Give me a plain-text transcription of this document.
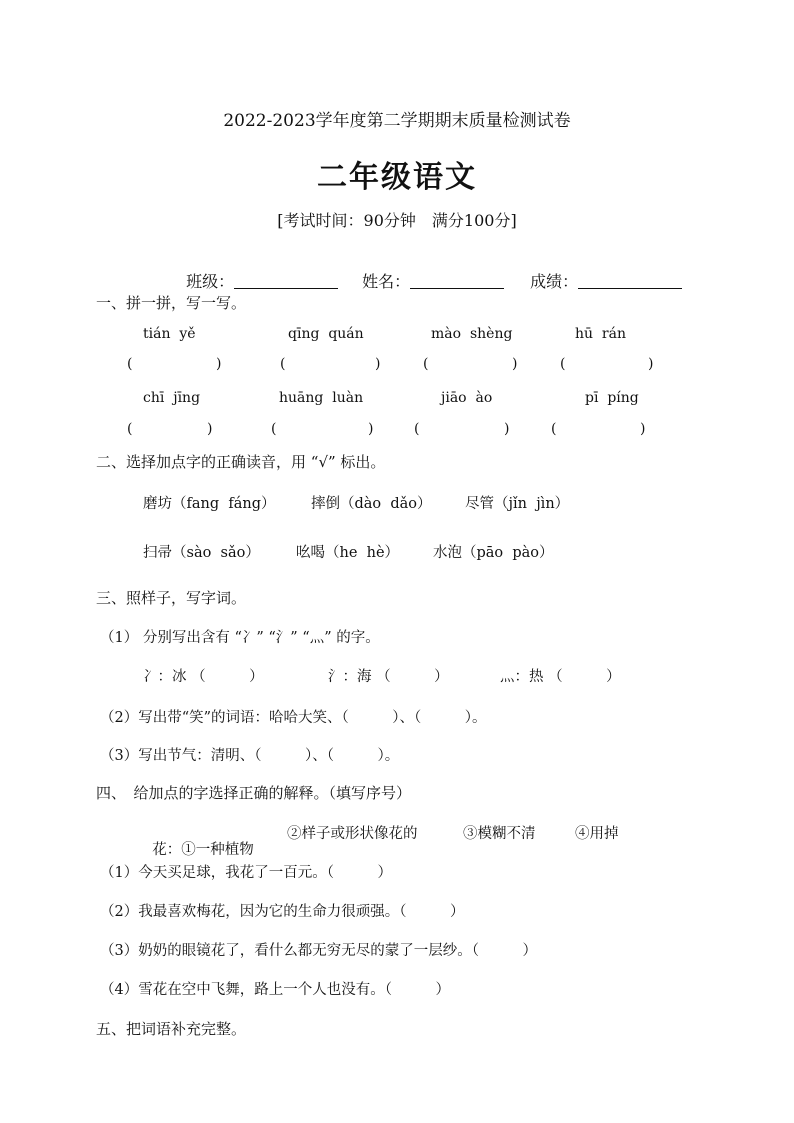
2022-2023学年度第二学期期末质量检测试卷
二年级语文
[考试时间：90分钟　满分100分]

班级：	姓名：	成绩：

一、拼一拼，写一写。
tián  yě	qīng  quán	mào  shèng	hū  rán
(	)	(	)	(	)	(	)
chī  jīng	huāng  luàn	jiāo  ào	pī  píng
(	)	(	)	(	)	(	)
二、选择加点字的正确读音，用 “√” 标出。
磨坊（fang  fáng） 摔倒（dào  dǎo） 尽管（jǐn  jìn）
扫帚（sào  sǎo） 吆喝（he  hè） 水泡（pāo  pào）
三、照样子，写字词。
（1） 分别写出含有 “冫” “氵” “灬” 的字。
冫：冰 （　　　）	氵：海 （　　　）	灬：热 （　　　）
（2）写出带“笑”的词语：哈哈大笑、（　　　）、（　　　）。
（3）写出节气：清明、（　　　）、（　　　）。
四、　给加点的字选择正确的解释。（填写序号）

花：①一种植物

②样子或形状像花的	③模糊不清	④用掉
（1）今天买足球，我花了一百元。（　　　）
（2）我最喜欢梅花，因为它的生命力很顽强。（　　　）
（3）奶奶的眼镜花了，看什么都无穷无尽的蒙了一层纱。（　　　）
（4）雪花在空中飞舞，路上一个人也没有。（　　　）
五、把词语补充完整。
